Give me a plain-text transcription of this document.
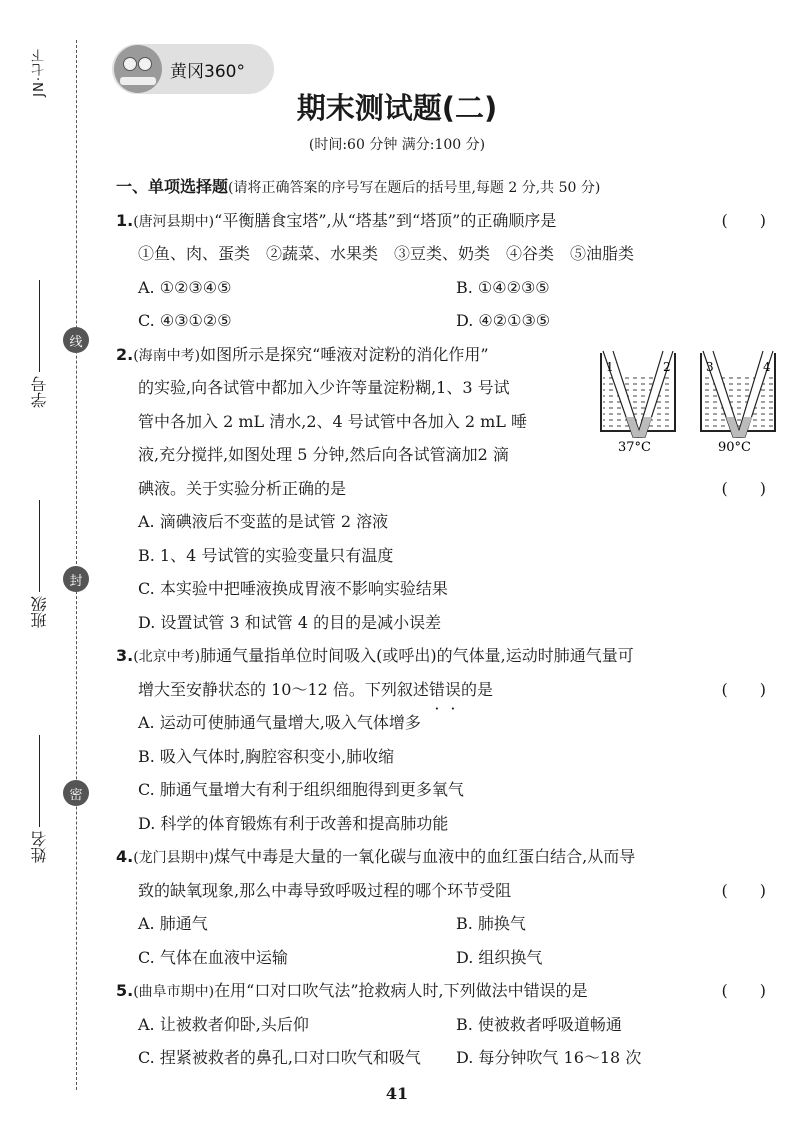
JN·七下
学号
班级
姓名
线
封
密
黄冈360°
期末测试题(二)
(时间:60 分钟 满分:100 分)
1	2	3	4
37°C	90°C
一、单项选择题(请将正确答案的序号写在题后的括号里,每题 2 分,共 50 分)
1.(唐河县期中)“平衡膳食宝塔”,从“塔基”到“塔顶”的正确顺序是	(　　)
①鱼、肉、蛋类　②蔬菜、水果类　③豆类、奶类　④谷类　⑤油脂类
A. ①②③④⑤	B. ①④②③⑤
C. ④③①②⑤	D. ④②①③⑤
2.(海南中考)如图所示是探究“唾液对淀粉的消化作用”
的实验,向各试管中都加入少许等量淀粉糊,1、3 号试
管中各加入 2 mL 清水,2、4 号试管中各加入 2 mL 唾
液,充分搅拌,如图处理 5 分钟,然后向各试管滴加2 滴
碘液。关于实验分析正确的是	(　　)
A. 滴碘液后不变蓝的是试管 2 溶液
B. 1、4 号试管的实验变量只有温度
C. 本实验中把唾液换成胃液不影响实验结果
D. 设置试管 3 和试管 4 的目的是减小误差
3.(北京中考)肺通气量指单位时间吸入(或呼出)的气体量,运动时肺通气量可
增大至安静状态的 10～12 倍。下列叙述错误的是	(　　)
A. 运动可使肺通气量增大,吸入气体增多
B. 吸入气体时,胸腔容积变小,肺收缩
C. 肺通气量增大有利于组织细胞得到更多氧气
D. 科学的体育锻炼有利于改善和提高肺功能
4.(龙门县期中)煤气中毒是大量的一氧化碳与血液中的血红蛋白结合,从而导
致的缺氧现象,那么中毒导致呼吸过程的哪个环节受阻	(　　)
A. 肺通气	B. 肺换气
C. 气体在血液中运输	D. 组织换气
5.(曲阜市期中)在用“口对口吹气法”抢救病人时,下列做法中错误的是	(　　)
A. 让被救者仰卧,头后仰	B. 使被救者呼吸道畅通
C. 捏紧被救者的鼻孔,口对口吹气和吸气	D. 每分钟吹气 16～18 次
41
